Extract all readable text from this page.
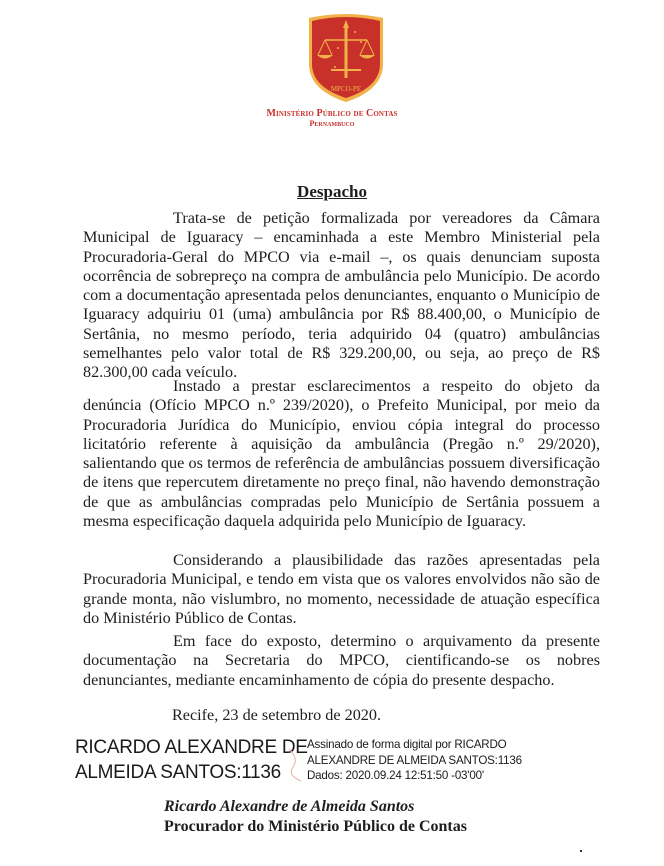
MPCO-PE
Ministério Público de Contas
Pernambuco
Despacho

Trata-se de petição formalizada por vereadores da Câmara Municipal de Iguaracy – encaminhada a este Membro Ministerial pela Procuradoria-Geral do MPCO via e-mail –, os quais denunciam suposta ocorrência de sobrepreço na compra de ambulância pelo Município. De acordo com a documentação apresentada pelos denunciantes, enquanto o Município de Iguaracy adquiriu 01 (uma) ambulância por R$ 88.400,00, o Município de Sertânia, no mesmo período, teria adquirido 04 (quatro) ambulâncias semelhantes pelo valor total de R$ 329.200,00, ou seja, ao preço de R$ 82.300,00 cada veículo.

Instado a prestar esclarecimentos a respeito do objeto da denúncia (Ofício MPCO n.º 239/2020), o Prefeito Municipal, por meio da Procuradoria Jurídica do Município, enviou cópia integral do processo licitatório referente à aquisição da ambulância (Pregão n.º 29/2020), salientando que os termos de referência de ambulâncias possuem diversificação de itens que repercutem diretamente no preço final, não havendo demonstração de que as ambulâncias compradas pelo Município de Sertânia possuem a mesma especificação daquela adquirida pelo Município de Iguaracy.

Considerando a plausibilidade das razões apresentadas pela Procuradoria Municipal, e tendo em vista que os valores envolvidos não são de grande monta, não vislumbro, no momento, necessidade de atuação específica do Ministério Público de Contas.

Em face do exposto, determino o arquivamento da presente documentação na Secretaria do MPCO, cientificando-se os nobres denunciantes, mediante encaminhamento de cópia do presente despacho.

Recife, 23 de setembro de 2020.
RICARDO ALEXANDRE DE
ALMEIDA SANTOS:1136
Assinado de forma digital por RICARDO
ALEXANDRE DE ALMEIDA SANTOS:1136
Dados: 2020.09.24 12:51:50 -03'00'
Ricardo Alexandre de Almeida Santos
Procurador do Ministério Público de Contas
